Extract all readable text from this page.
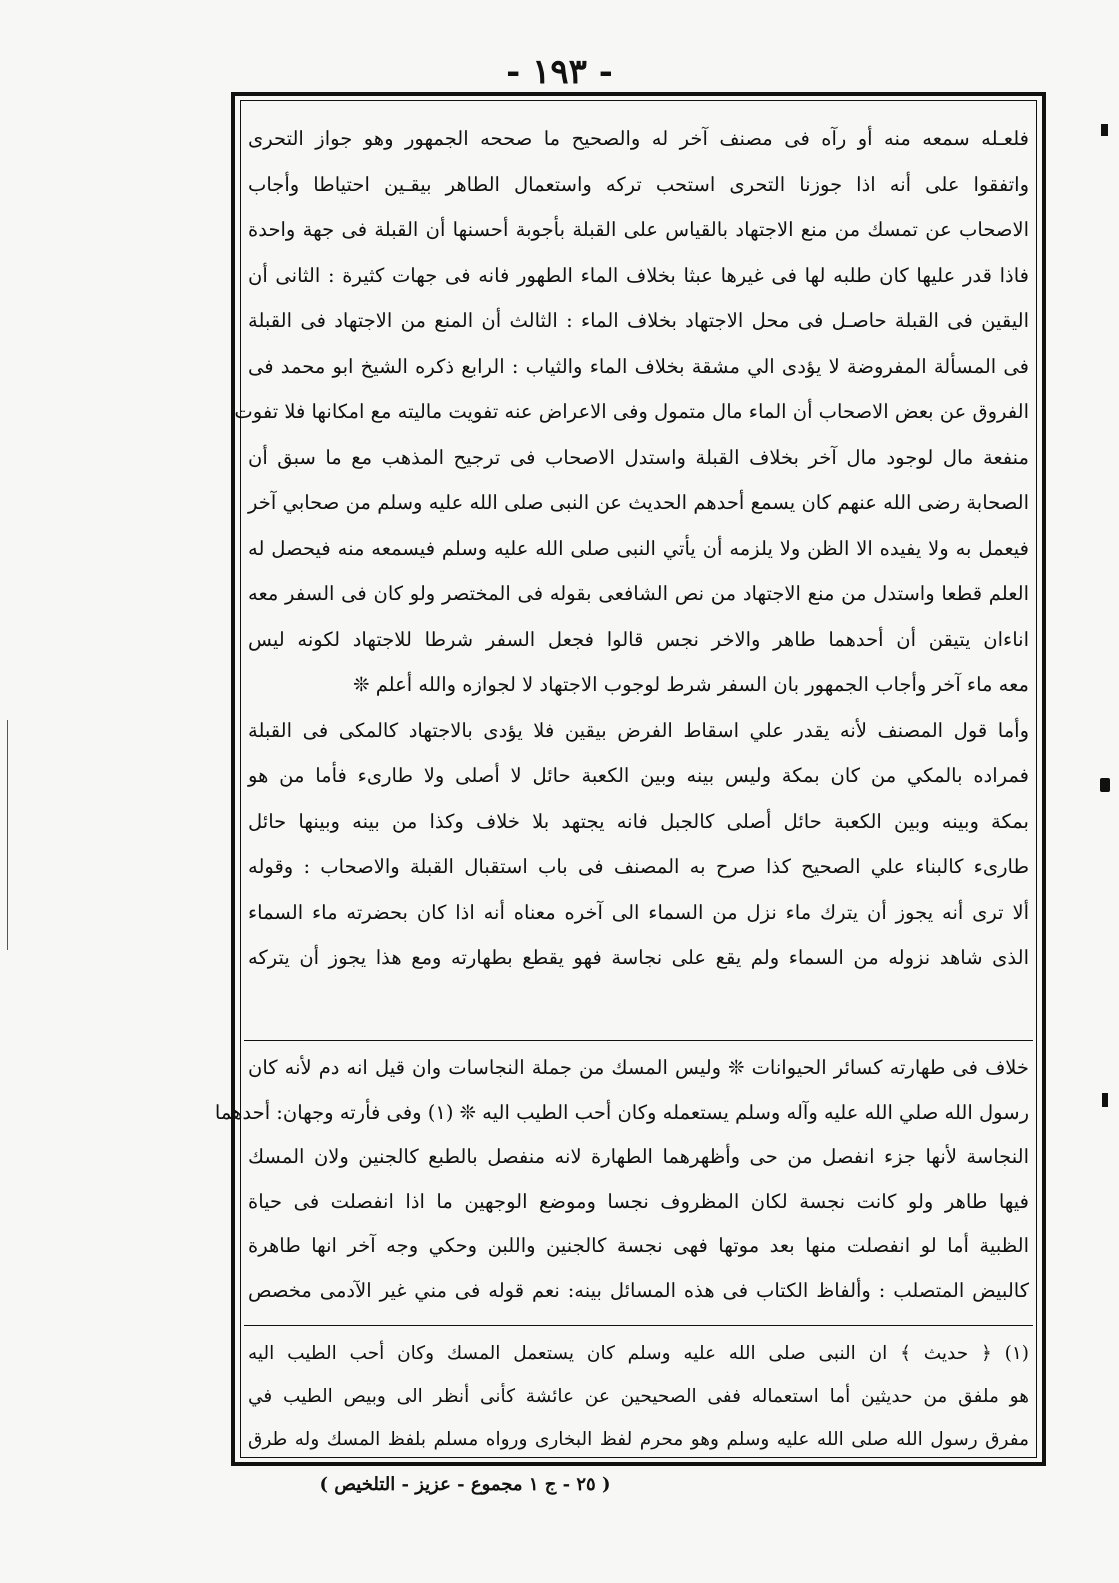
- ١٩٣ -

فلعـله سمعه منه أو رآه فى مصنف آخر له والصحيح ما صححه الجمهور وهو جواز التحرى

واتفقوا على أنه اذا جوزنا التحرى استحب تركه واستعمال الطاهر بيقـين احتياطا وأجاب

الاصحاب عن تمسك من منع الاجتهاد بالقياس على القبلة بأجوبة أحسنها أن القبلة فى جهة واحدة

فاذا قدر عليها كان طلبه لها فى غيرها عبثا بخلاف الماء الطهور فانه فى جهات كثيرة : الثانى أن

اليقين فى القبلة حاصـل فى محل الاجتهاد بخلاف الماء : الثالث أن المنع من الاجتهاد فى القبلة

فى المسألة المفروضة لا يؤدى الي مشقة بخلاف الماء والثياب : الرابع ذكره الشيخ ابو محمد فى

الفروق عن بعض الاصحاب أن الماء مال متمول وفى الاعراض عنه تفويت ماليته مع امكانها فلا تفوت

منفعة مال لوجود مال آخر بخلاف القبلة واستدل الاصحاب فى ترجيح المذهب مع ما سبق أن

الصحابة رضى الله عنهم كان يسمع أحدهم الحديث عن النبى صلى الله عليه وسلم من صحابي آخر

فيعمل به ولا يفيده الا الظن ولا يلزمه أن يأتي النبى صلى الله عليه وسلم فيسمعه منه فيحصل له

العلم قطعا واستدل من منع الاجتهاد من نص الشافعى بقوله فى المختصر ولو كان فى السفر معه

اناءان يتيقن أن أحدهما طاهر والاخر نجس قالوا فجعل السفر شرطا للاجتهاد لكونه ليس

معه ماء آخر وأجاب الجمهور بان السفر شرط لوجوب الاجتهاد لا لجوازه والله أعلم ❊

وأما قول المصنف لأنه يقدر علي اسقاط الفرض بيقين فلا يؤدى بالاجتهاد كالمكى فى القبلة

فمراده بالمكي من كان بمكة وليس بينه وبين الكعبة حائل لا أصلى ولا طارىء فأما من هو

بمكة وبينه وبين الكعبة حائل أصلى كالجبل فانه يجتهد بلا خلاف وكذا من بينه وبينها حائل

طارىء كالبناء علي الصحيح كذا صرح به المصنف فى باب استقبال القبلة والاصحاب : وقوله

ألا ترى أنه يجوز أن يترك ماء نزل من السماء الى آخره معناه أنه اذا كان بحضرته ماء السماء

الذى شاهد نزوله من السماء ولم يقع على نجاسة فهو يقطع بطهارته ومع هذا يجوز أن يتركه

خلاف فى طهارته كسائر الحيوانات ❊ وليس المسك من جملة النجاسات وان قيل انه دم لأنه كان

رسول الله صلي الله عليه وآله وسلم يستعمله وكان أحب الطيب اليه ❊ (١) وفى فأرته وجهان: أحدهما

النجاسة لأنها جزء انفصل من حى وأظهرهما الطهارة لانه منفصل بالطبع كالجنين ولان المسك

فيها طاهر ولو كانت نجسة لكان المظروف نجسا وموضع الوجهين ما اذا انفصلت فى حياة

الظبية أما لو انفصلت منها بعد موتها فهى نجسة كالجنين واللبن وحكي وجه آخر انها طاهرة

كالبيض المتصلب : وألفاظ الكتاب فى هذه المسائل بينه: نعم قوله فى مني غير الآدمى مخصص

(١) ﴿ حديث ﴾ ان النبى صلى الله عليه وسلم كان يستعمل المسك وكان أحب الطيب اليه

هو ملفق من حديثين أما استعماله ففى الصحيحين عن عائشة كأنى أنظر الى وبيص الطيب في

مفرق رسول الله صلى الله عليه وسلم وهو محرم لفظ البخارى ورواه مسلم بلفظ المسك وله طرق

( ٢٥ - ج ١ مجموع - عزيز - التلخيص )
